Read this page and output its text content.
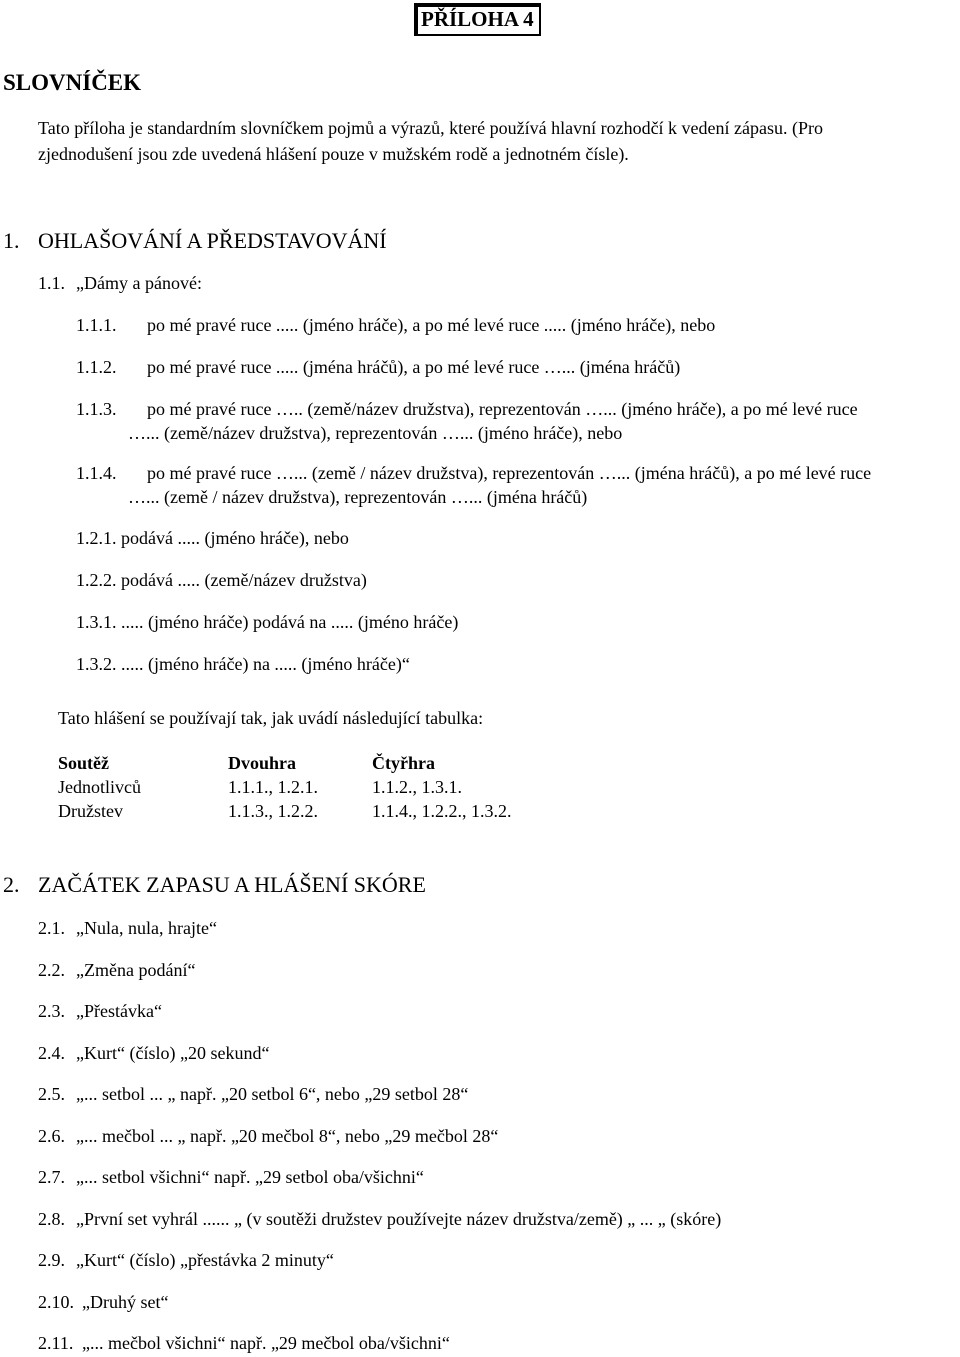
PŘÍLOHA 4
SLOVNÍČEK
Tato příloha je standardním slovníčkem pojmů a výrazů, které používá hlavní rozhodčí k vedení zápasu. (Pro
zjednodušení jsou zde uvedená hlášení pouze v mužském rodě a jednotném čísle).
1. OHLAŠOVÁNÍ A PŘEDSTAVOVÁNÍ
1.1. „Dámy a pánové:
1.1.1. po mé pravé ruce ..... (jméno hráče), a po mé levé ruce ..... (jméno hráče), nebo
1.1.2. po mé pravé ruce ..... (jména hráčů), a po mé levé ruce …... (jména hráčů)
1.1.3. po mé pravé ruce ….. (země/název družstva), reprezentován …... (jméno hráče), a po mé levé ruce
…... (země/název družstva), reprezentován …... (jméno hráče), nebo
1.1.4. po mé pravé ruce …... (země / název družstva), reprezentován …... (jména hráčů), a po mé levé ruce
…... (země / název družstva), reprezentován …... (jména hráčů)
1.2.1. podává ..... (jméno hráče), nebo
1.2.2. podává ..... (země/název družstva)
1.3.1. ..... (jméno hráče) podává na ..... (jméno hráče)
1.3.2. ..... (jméno hráče) na ..... (jméno hráče)“
Tato hlášení se používají tak, jak uvádí následující tabulka:
Soutěž	Dvouhra	Čtyřhra
Jednotlivců	1.1.1., 1.2.1.	1.1.2., 1.3.1.
Družstev	1.1.3., 1.2.2.	1.1.4., 1.2.2., 1.3.2.
2. ZAČÁTEK ZAPASU A HLÁŠENÍ SKÓRE
2.1. „Nula, nula, hrajte“
2.2. „Změna podání“
2.3. „Přestávka“
2.4. „Kurt“ (číslo) „20 sekund“
2.5. „... setbol ... „ např. „20 setbol 6“, nebo „29 setbol 28“
2.6. „... mečbol ... „ např. „20 mečbol 8“, nebo „29 mečbol 28“
2.7. „... setbol všichni“ např. „29 setbol oba/všichni“
2.8. „První set vyhrál ...... „ (v soutěži družstev používejte název družstva/země) „ ... „ (skóre)
2.9. „Kurt“ (číslo) „přestávka 2 minuty“
2.10. „Druhý set“
2.11. „... mečbol všichni“ např. „29 mečbol oba/všichni“
